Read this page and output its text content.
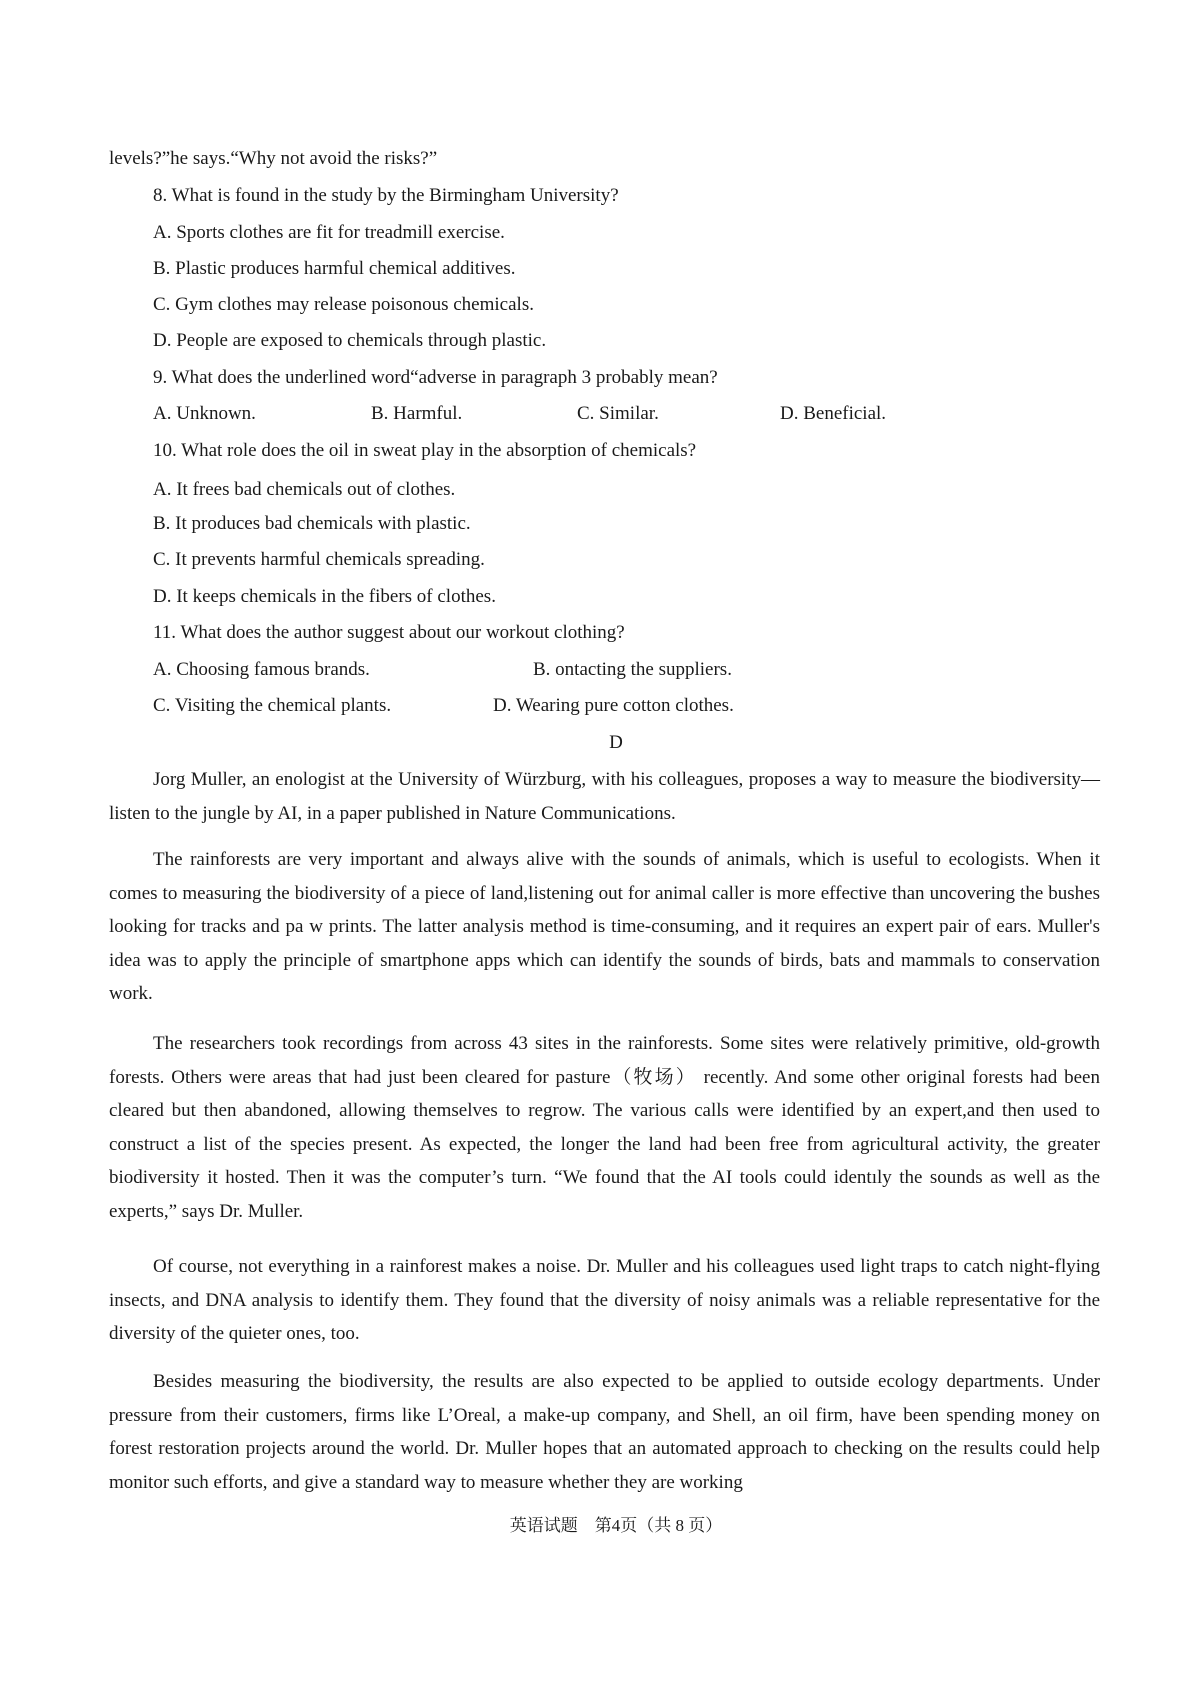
levels?”he says.“Why not avoid the risks?”
8. What is found in the study by the Birmingham University?
A. Sports clothes are fit for treadmill exercise.
B. Plastic produces harmful chemical additives.
C. Gym clothes may release poisonous chemicals.
D. People are exposed to chemicals through plastic.
9. What does the underlined word“adverse in paragraph 3 probably mean?
A. Unknown.	B. Harmful.	C. Similar.	D. Beneficial.
10. What role does the oil in sweat play in the absorption of chemicals?
A. It frees bad chemicals out of clothes.
B. It produces bad chemicals with plastic.
C. It prevents harmful chemicals spreading.
D. It keeps chemicals in the fibers of clothes.
11. What does the author suggest about our workout clothing?
A. Choosing famous brands.	B. ontacting the suppliers.
C. Visiting the chemical plants.	D. Wearing pure cotton clothes.
D

Jorg Muller, an enologist at the University of Würzburg, with his colleagues, proposes a way to measure the biodiversity—listen to the jungle by AI, in a paper published in Nature Communications.

The rainforests are very important and always alive with the sounds of animals, which is useful to ecologists. When it comes to measuring the biodiversity of a piece of land,listening out for animal caller is more effective than uncovering the bushes looking for tracks and pa w prints. The latter analysis method is time-consuming, and it requires an expert pair of ears. Muller's idea was to apply the principle of smartphone apps which can identify the sounds of birds, bats and mammals to conservation work.

The researchers took recordings from across 43 sites in the rainforests. Some sites were relatively primitive, old-growth forests. Others were areas that had just been cleared for pasture（牧场） recently. And some other original forests had been cleared but then abandoned, allowing themselves to regrow. The various calls were identified by an expert,and then used to construct a list of the species present. As expected, the longer the land had been free from agricultural activity, the greater biodiversity it hosted. Then it was the computer’s turn. “We found that the AI tools could identıly the sounds as well as the experts,” says Dr. Muller.

Of course, not everything in a rainforest makes a noise. Dr. Muller and his colleagues used light traps to catch night-flying insects, and DNA analysis to identify them. They found that the diversity of noisy animals was a reliable representative for the diversity of the quieter ones, too.

Besides measuring the biodiversity, the results are also expected to be applied to outside ecology departments. Under pressure from their customers, firms like L’Oreal, a make-up company, and Shell, an oil firm, have been spending money on forest restoration projects around the world. Dr. Muller hopes that an automated approach to checking on the results could help monitor such efforts, and give a standard way to measure whether they are working

英语试题 第4页（共 8 页）
